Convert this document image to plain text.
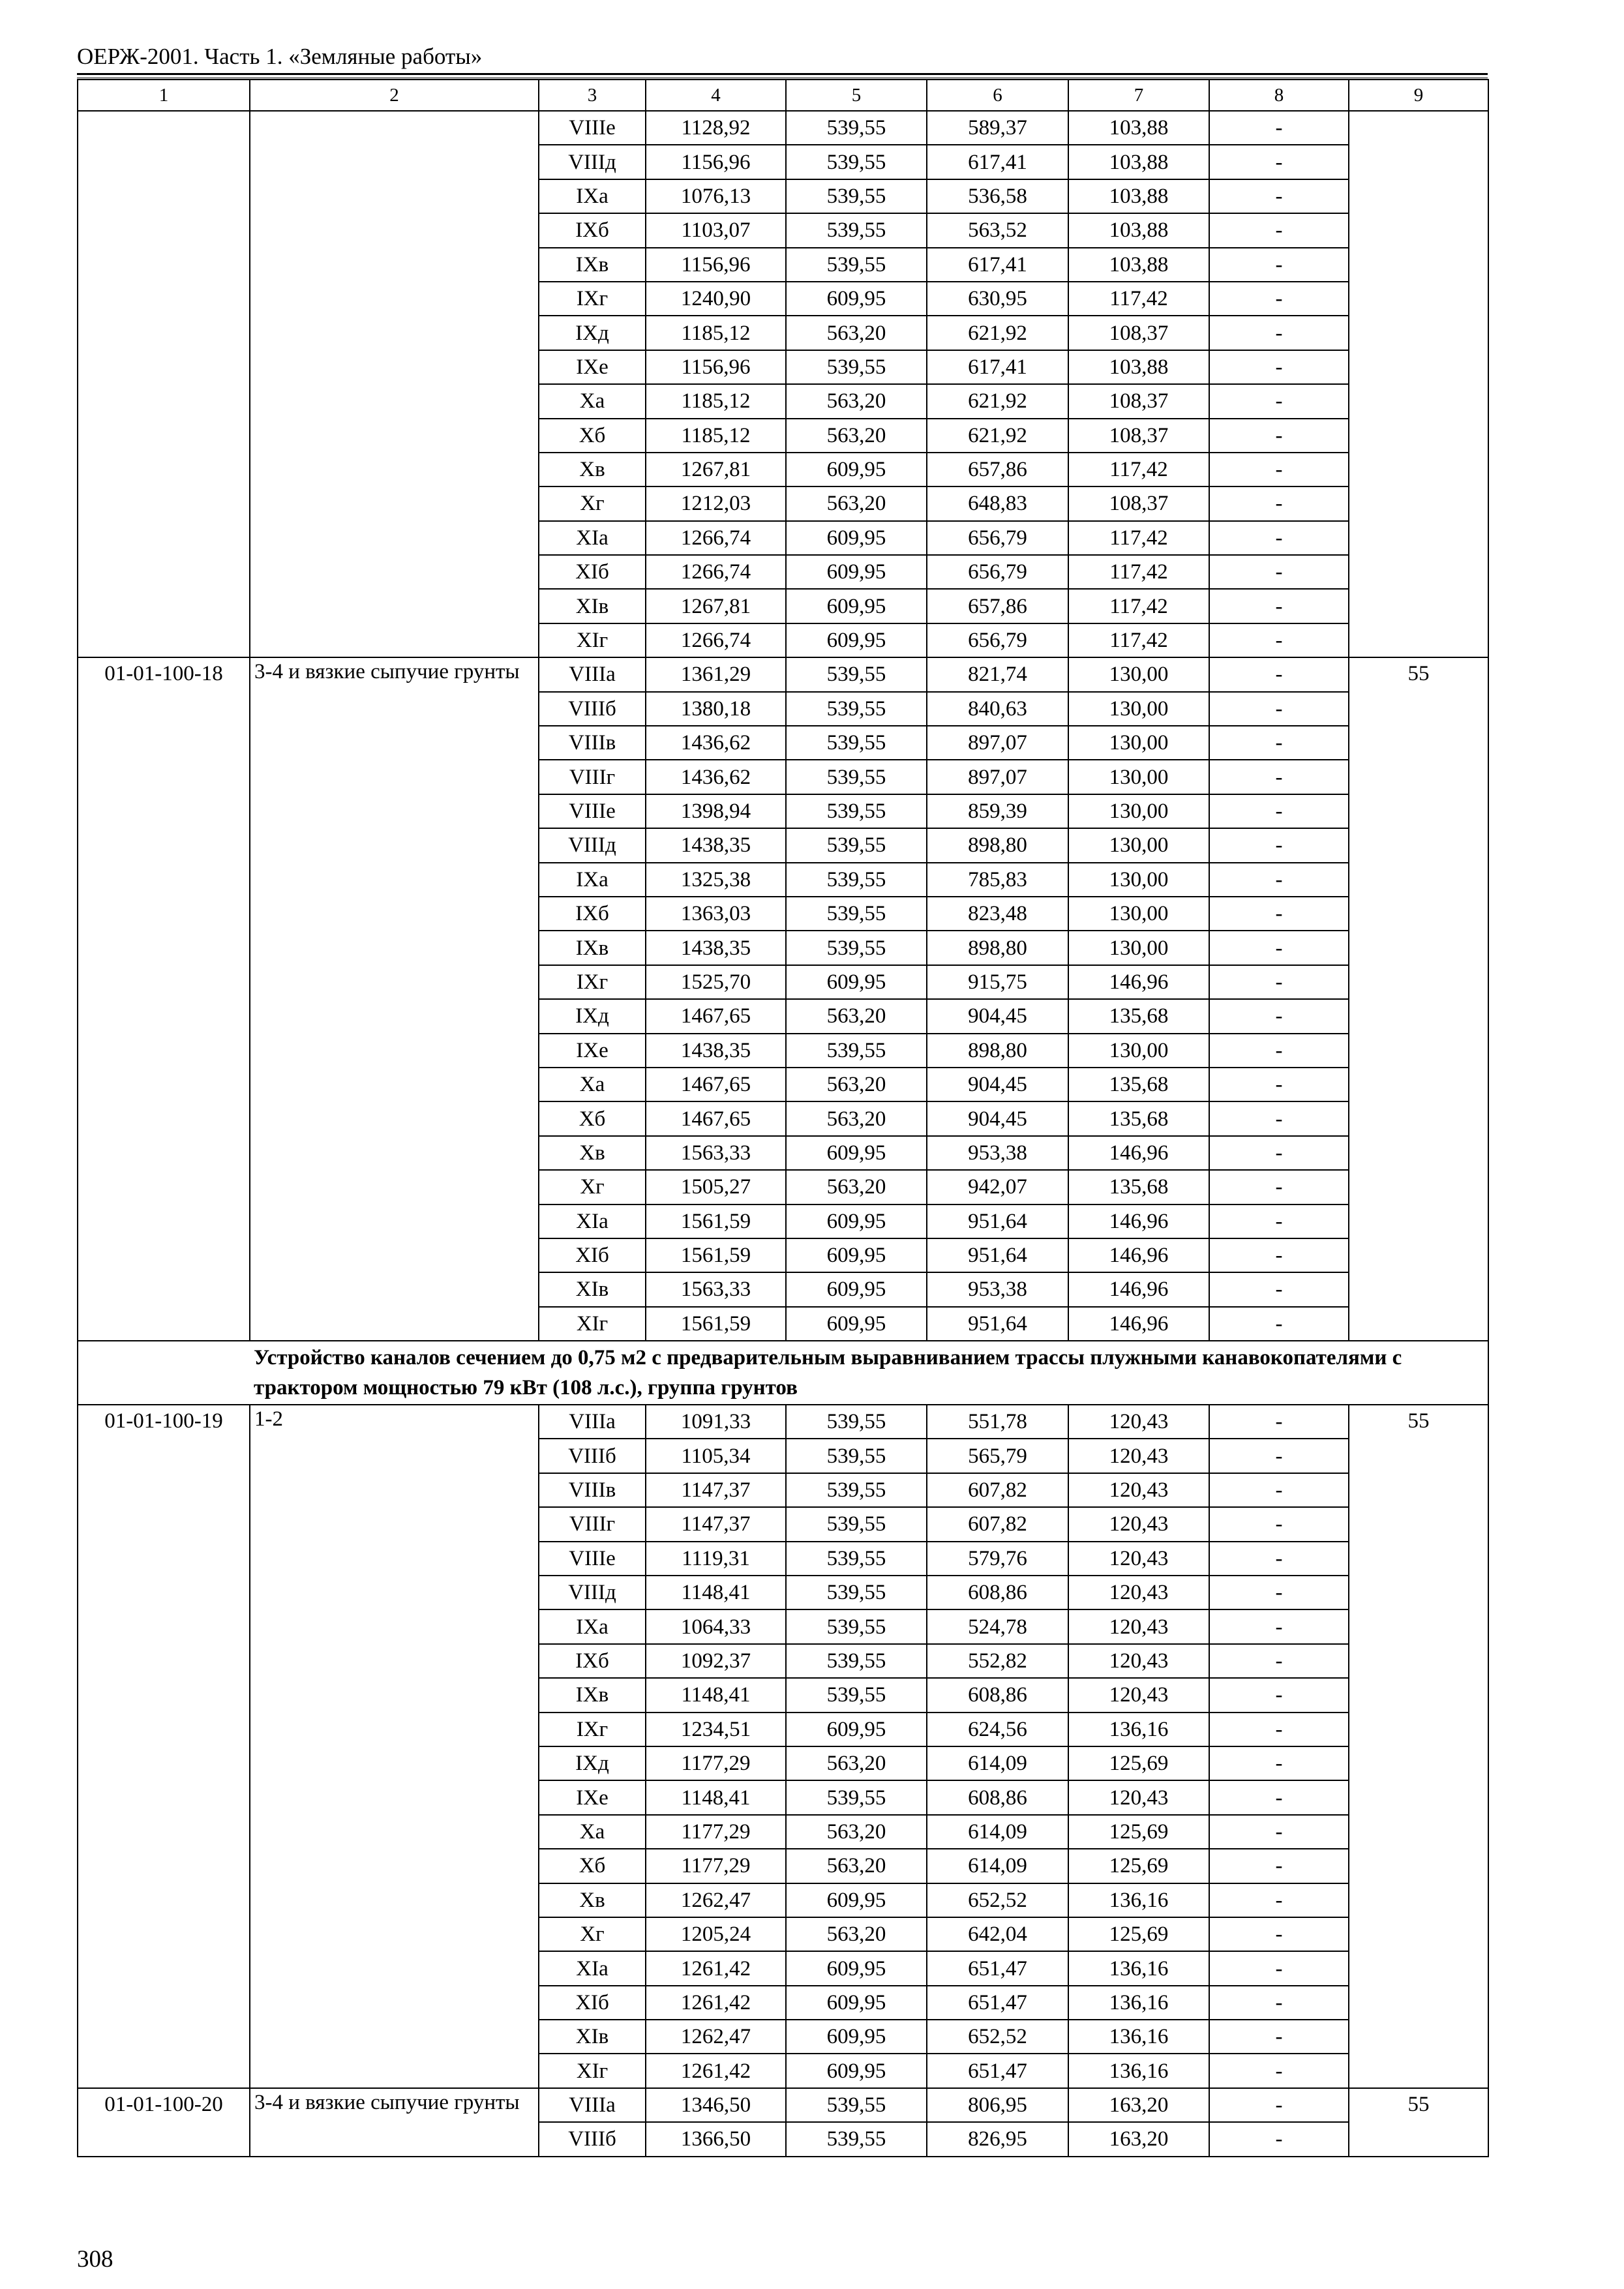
ОЕРЖ-2001. Часть 1. «Земляные работы»
1	2	3	4	5	6	7	8	9
		VIIIе	1128,92	539,55	589,37	103,88	-	
		VIIIд	1156,96	539,55	617,41	103,88	-	
		IXа	1076,13	539,55	536,58	103,88	-	
		IXб	1103,07	539,55	563,52	103,88	-	
		IXв	1156,96	539,55	617,41	103,88	-	
		IXг	1240,90	609,95	630,95	117,42	-	
		IXд	1185,12	563,20	621,92	108,37	-	
		IXе	1156,96	539,55	617,41	103,88	-	
		Xа	1185,12	563,20	621,92	108,37	-	
		Xб	1185,12	563,20	621,92	108,37	-	
		Xв	1267,81	609,95	657,86	117,42	-	
		Xг	1212,03	563,20	648,83	108,37	-	
		XIа	1266,74	609,95	656,79	117,42	-	
		XIб	1266,74	609,95	656,79	117,42	-	
		XIв	1267,81	609,95	657,86	117,42	-	
		XIг	1266,74	609,95	656,79	117,42	-	
01-01-100-18	3-4 и вязкие сыпучие грунты	VIIIа	1361,29	539,55	821,74	130,00	-	55
		VIIIб	1380,18	539,55	840,63	130,00	-	
		VIIIв	1436,62	539,55	897,07	130,00	-	
		VIIIг	1436,62	539,55	897,07	130,00	-	
		VIIIе	1398,94	539,55	859,39	130,00	-	
		VIIIд	1438,35	539,55	898,80	130,00	-	
		IXа	1325,38	539,55	785,83	130,00	-	
		IXб	1363,03	539,55	823,48	130,00	-	
		IXв	1438,35	539,55	898,80	130,00	-	
		IXг	1525,70	609,95	915,75	146,96	-	
		IXд	1467,65	563,20	904,45	135,68	-	
		IXе	1438,35	539,55	898,80	130,00	-	
		Xа	1467,65	563,20	904,45	135,68	-	
		Xб	1467,65	563,20	904,45	135,68	-	
		Xв	1563,33	609,95	953,38	146,96	-	
		Xг	1505,27	563,20	942,07	135,68	-	
		XIа	1561,59	609,95	951,64	146,96	-	
		XIб	1561,59	609,95	951,64	146,96	-	
		XIв	1563,33	609,95	953,38	146,96	-	
		XIг	1561,59	609,95	951,64	146,96	-	
	Устройство каналов сечением до 0,75 м2 с предварительным выравниванием трассы плужными канавокопателями с трактором мощностью 79 кВт (108 л.с.), группа грунтов							
01-01-100-19	1-2	VIIIа	1091,33	539,55	551,78	120,43	-	55
		VIIIб	1105,34	539,55	565,79	120,43	-	
		VIIIв	1147,37	539,55	607,82	120,43	-	
		VIIIг	1147,37	539,55	607,82	120,43	-	
		VIIIе	1119,31	539,55	579,76	120,43	-	
		VIIIд	1148,41	539,55	608,86	120,43	-	
		IXа	1064,33	539,55	524,78	120,43	-	
		IXб	1092,37	539,55	552,82	120,43	-	
		IXв	1148,41	539,55	608,86	120,43	-	
		IXг	1234,51	609,95	624,56	136,16	-	
		IXд	1177,29	563,20	614,09	125,69	-	
		IXе	1148,41	539,55	608,86	120,43	-	
		Xа	1177,29	563,20	614,09	125,69	-	
		Xб	1177,29	563,20	614,09	125,69	-	
		Xв	1262,47	609,95	652,52	136,16	-	
		Xг	1205,24	563,20	642,04	125,69	-	
		XIа	1261,42	609,95	651,47	136,16	-	
		XIб	1261,42	609,95	651,47	136,16	-	
		XIв	1262,47	609,95	652,52	136,16	-	
		XIг	1261,42	609,95	651,47	136,16	-	
01-01-100-20	3-4 и вязкие сыпучие грунты	VIIIа	1346,50	539,55	806,95	163,20	-	55
		VIIIб	1366,50	539,55	826,95	163,20	-	
308
